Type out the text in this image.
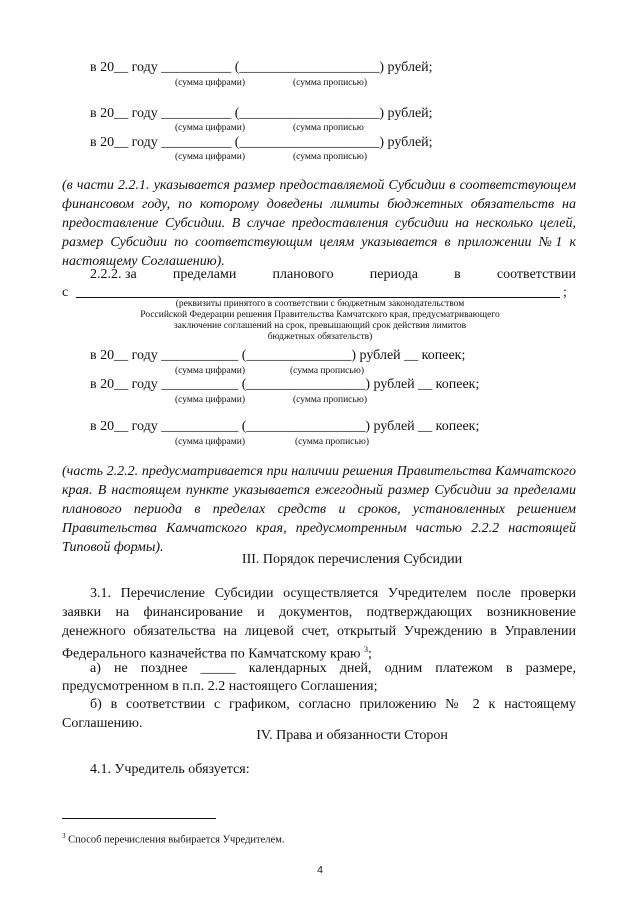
в 20__ году __________ (____________________) рублей;
(сумма цифрами)	(сумма прописью)
в 20__ году __________ (____________________) рублей;
(сумма цифрами)	(сумма прописью
в 20__ году __________ (____________________) рублей;
(сумма цифрами)	(сумма прописью)
(в части 2.2.1. указывается размер предоставляемой Субсидии в соответствующем
финансовом году, по которому доведены лимиты бюджетных обязательств на
предоставление Субсидии. В случае предоставления субсидии на несколько целей,
размер Субсидии по соответствующим целям указывается в приложении №1 к
настоящему Соглашению).
2.2.2. за	пределами	планового	периода	в	соответствии
с	;
(реквизиты принятого в соответствии с бюджетным законодательством
Российской Федерации решения Правительства Камчатского края, предусматривающего
заключение соглашений на срок, превышающий срок действия лимитов
бюджетных обязательств)
в 20__ году ___________ (_______________) рублей __ копеек;
(сумма цифрами)	(сумма прописью)
в 20__ году ___________ (_________________) рублей __ копеек;
(сумма цифрами)	(сумма прописью)
в 20__ году ___________ (_________________) рублей __ копеек;
(сумма цифрами)	(сумма прописью)
(часть 2.2.2. предусматривается при наличии решения Правительства Камчатского
края. В настоящем пункте указывается ежегодный размер Субсидии за пределами
планового периода в пределах средств и сроков, установленных решением
Правительства Камчатского края, предусмотренным частью 2.2.2 настоящей
Типовой формы).
III. Порядок перечисления Субсидии
3.1. Перечисление Субсидии осуществляется Учредителем после проверки
заявки на финансирование и документов, подтверждающих возникновение
денежного обязательства на лицевой счет, открытый Учреждению в Управлении
Федерального казначейства по Камчатскому краю $^3$;
а) не позднее _____ календарных дней, одним платежом в размере,
предусмотренном в п.п. 2.2 настоящего Соглашения;
б) в соответствии с графиком, согласно приложению № 2 к настоящему
Соглашению.
IV. Права и обязанности Сторон
4.1. Учредитель обязуется:
$^3$ Способ перечисления выбирается Учредителем.
4
